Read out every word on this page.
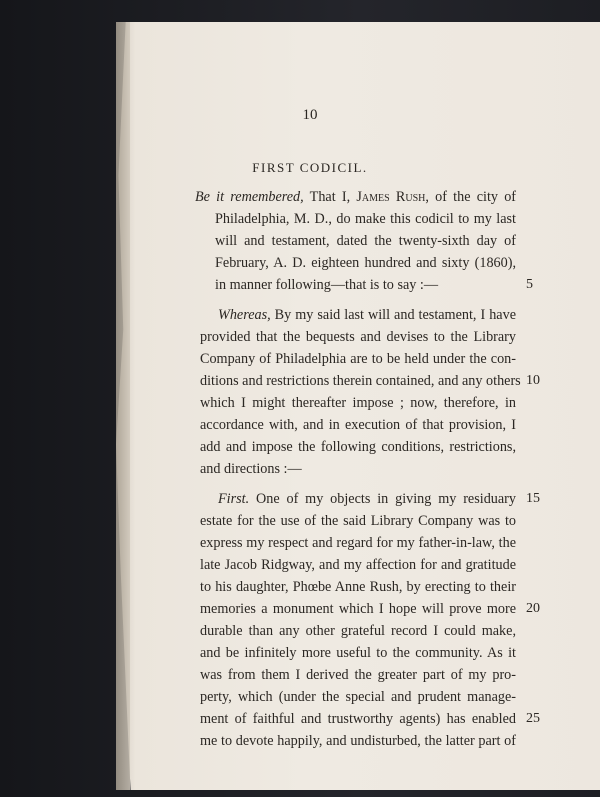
10
FIRST CODICIL.
Be it remembered, That I, James Rush, of the city of
Philadelphia, M. D., do make this codicil to my last
will and testament, dated the twenty-sixth day of
February, A. D. eighteen hundred and sixty (1860),
in manner following—that is to say :—
Whereas, By my said last will and testament, I have
provided that the bequests and devises to the Library
Company of Philadelphia are to be held under the con-
ditions and restrictions therein contained, and any others
which I might thereafter impose ; now, therefore, in
accordance with, and in execution of that provision, I
add and impose the following conditions, restrictions,
and directions :—
First. One of my objects in giving my residuary
estate for the use of the said Library Company was to
express my respect and regard for my father-in-law, the
late Jacob Ridgway, and my affection for and gratitude
to his daughter, Phœbe Anne Rush, by erecting to their
memories a monument which I hope will prove more
durable than any other grateful record I could make,
and be infinitely more useful to the community. As it
was from them I derived the greater part of my pro-
perty, which (under the special and prudent manage-
ment of faithful and trustworthy agents) has enabled
me to devote happily, and undisturbed, the latter part of
5
10
15
20
25
